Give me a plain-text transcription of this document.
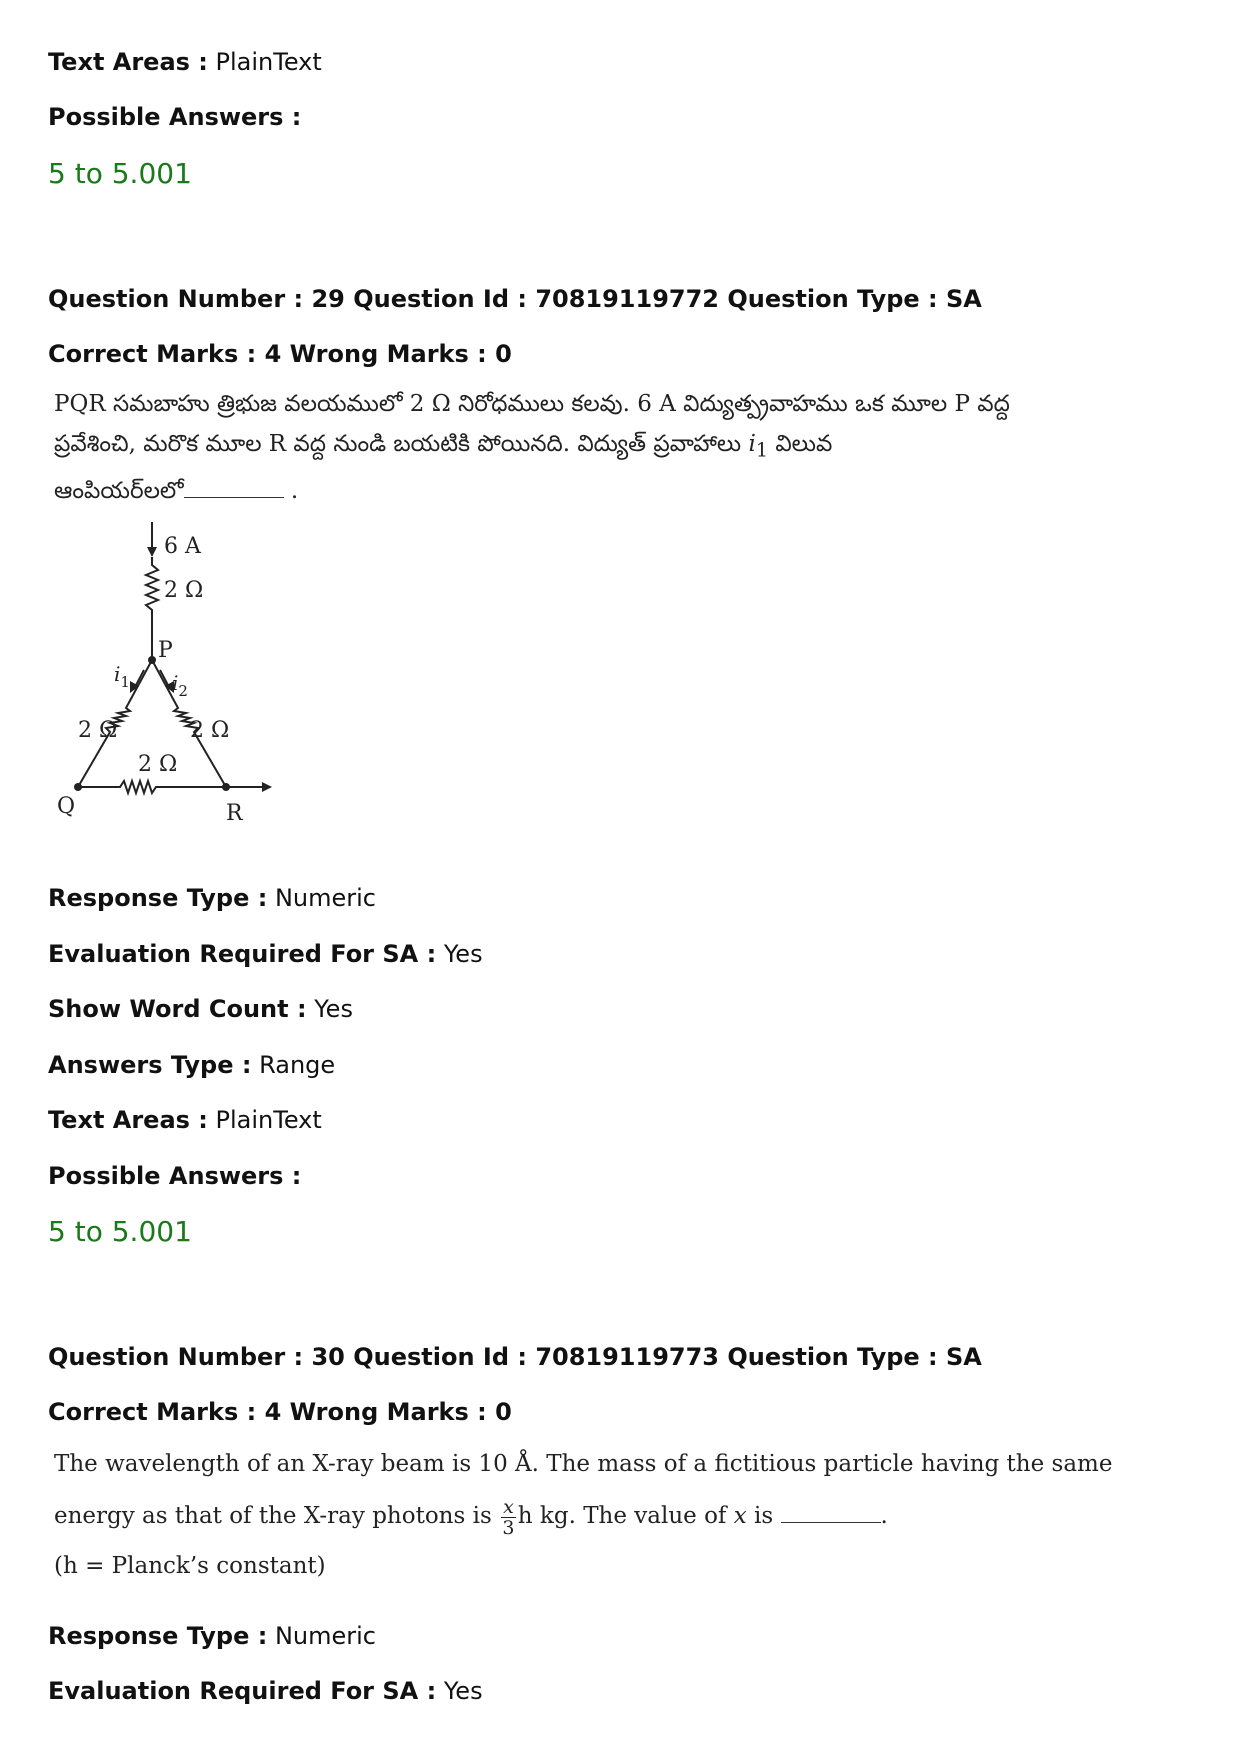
Text Areas : PlainText
Possible Answers :
5 to 5.001
Question Number : 29 Question Id : 70819119772 Question Type : SA
Correct Marks : 4 Wrong Marks : 0
PQR సమబాహు త్రిభుజ వలయములో 2 Ω నిరోధములు కలవు. 6 A విద్యుత్ప్రవాహము ఒక మూల P వద్ద
ప్రవేశించి, మరొక మూల R వద్ద నుండి బయటికి పోయినది. విద్యుత్ ప్రవాహాలు $i_1$ విలువ
ఆంపియర్‌లలో	.
6 A
2 Ω
P
2 Ω	2 Ω
$i_1$ $i_2$
2 Ω
Q	R
Response Type : Numeric
Evaluation Required For SA : Yes
Show Word Count : Yes
Answers Type : Range
Text Areas : PlainText
Possible Answers :
5 to 5.001
Question Number : 30 Question Id : 70819119773 Question Type : SA
Correct Marks : 4 Wrong Marks : 0
The wavelength of an X-ray beam is 10 Å. The mass of a fictitious particle having the same
energy as that of the X-ray photons is $\frac{x}{3}$ h kg. The value of x is	.
(h = Planck’s constant)
Response Type : Numeric
Evaluation Required For SA : Yes
